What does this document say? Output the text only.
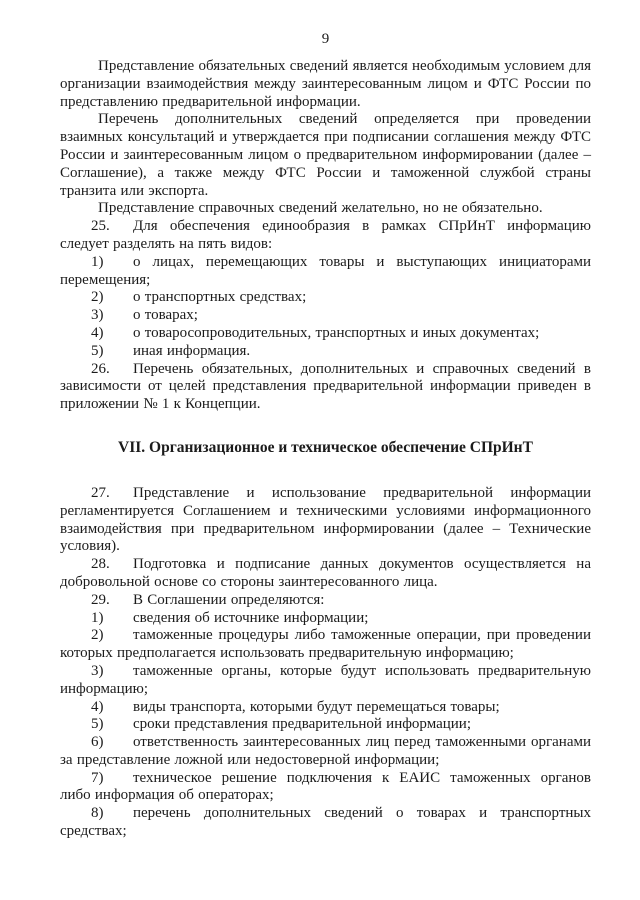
9

Представление обязательных сведений является необходимым условием для организации взаимодействия между заинтересованным лицом и ФТС России по представлению предварительной информации.

Перечень дополнительных сведений определяется при проведении взаимных консультаций и утверждается при подписании соглашения между ФТС России и заинтересованным лицом о предварительном информировании (далее – Соглашение), а также между ФТС России и таможенной службой страны транзита или экспорта.

Представление справочных сведений желательно, но не обязательно.

25. Для обеспечения единообразия в рамках СПрИнТ информацию следует разделять на пять видов:

1) о лицах, перемещающих товары и выступающих инициаторами перемещения;

2) о транспортных средствах;

3) о товарах;

4) о товаросопроводительных, транспортных и иных документах;

5) иная информация.

26. Перечень обязательных, дополнительных и справочных сведений в зависимости от целей представления предварительной информации приведен в приложении № 1 к Концепции.

VII. Организационное и техническое обеспечение СПрИнТ

27. Представление и использование предварительной информации регламентируется Соглашением и техническими условиями информационного взаимодействия при предварительном информировании (далее – Технические условия).

28. Подготовка и подписание данных документов осуществляется на добровольной основе со стороны заинтересованного лица.

29. В Соглашении определяются:

1) сведения об источнике информации;

2) таможенные процедуры либо таможенные операции, при проведении которых предполагается использовать предварительную информацию;

3) таможенные органы, которые будут использовать предварительную информацию;

4) виды транспорта, которыми будут перемещаться товары;

5) сроки представления предварительной информации;

6) ответственность заинтересованных лиц перед таможенными органами за представление ложной или недостоверной информации;

7) техническое решение подключения к ЕАИС таможенных органов либо информация об операторах;

8) перечень дополнительных сведений о товарах и транспортных средствах;
